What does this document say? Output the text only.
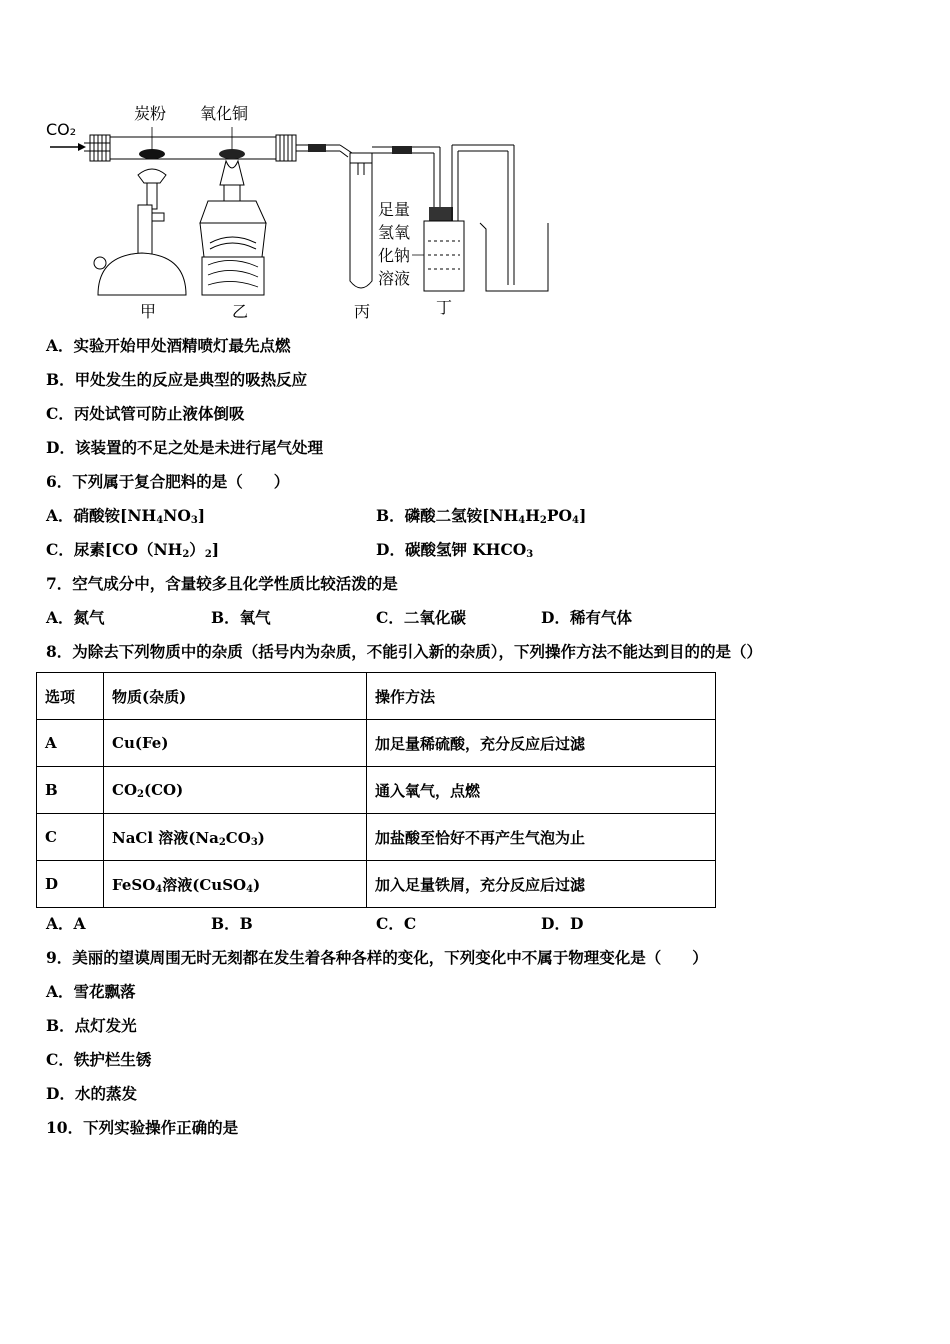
CO₂
炭粉 氧化铜
甲	乙	丙
足量
氢氧
化钠
溶液
丁
A．实验开始甲处酒精喷灯最先点燃
B．甲处发生的反应是典型的吸热反应
C．丙处试管可防止液体倒吸
D．该装置的不足之处是未进行尾气处理
6．下列属于复合肥料的是（　　）
A．硝酸铵$[NH_4NO_3]$	B．磷酸二氢铵$[NH_4H_2PO_4]$
C．尿素$[CO(NH_2)_2]$	D．碳酸氢钾 $KHCO_3$
7．空气成分中，含量较多且化学性质比较活泼的是
A．氮气	B．氧气	C．二氧化碳	D．稀有气体
8．为除去下列物质中的杂质（括号内为杂质，不能引入新的杂质），下列操作方法不能达到目的的是（）
选项	物质(杂质)	操作方法
A	Cu(Fe)	加足量稀硫酸，充分反应后过滤
B	$CO_2(CO)$	通入氧气，点燃
C	NaCl 溶液$(Na_2CO_3)$	加盐酸至恰好不再产生气泡为止
D	FeSO$_4$溶液(CuSO$_4$)	加入足量铁屑，充分反应后过滤
A．A	B．B	C．C	D．D
9．美丽的望谟周围无时无刻都在发生着各种各样的变化，下列变化中不属于物理变化是（　　）
A．雪花飘落
B．点灯发光
C．铁护栏生锈
D．水的蒸发
10．下列实验操作正确的是
